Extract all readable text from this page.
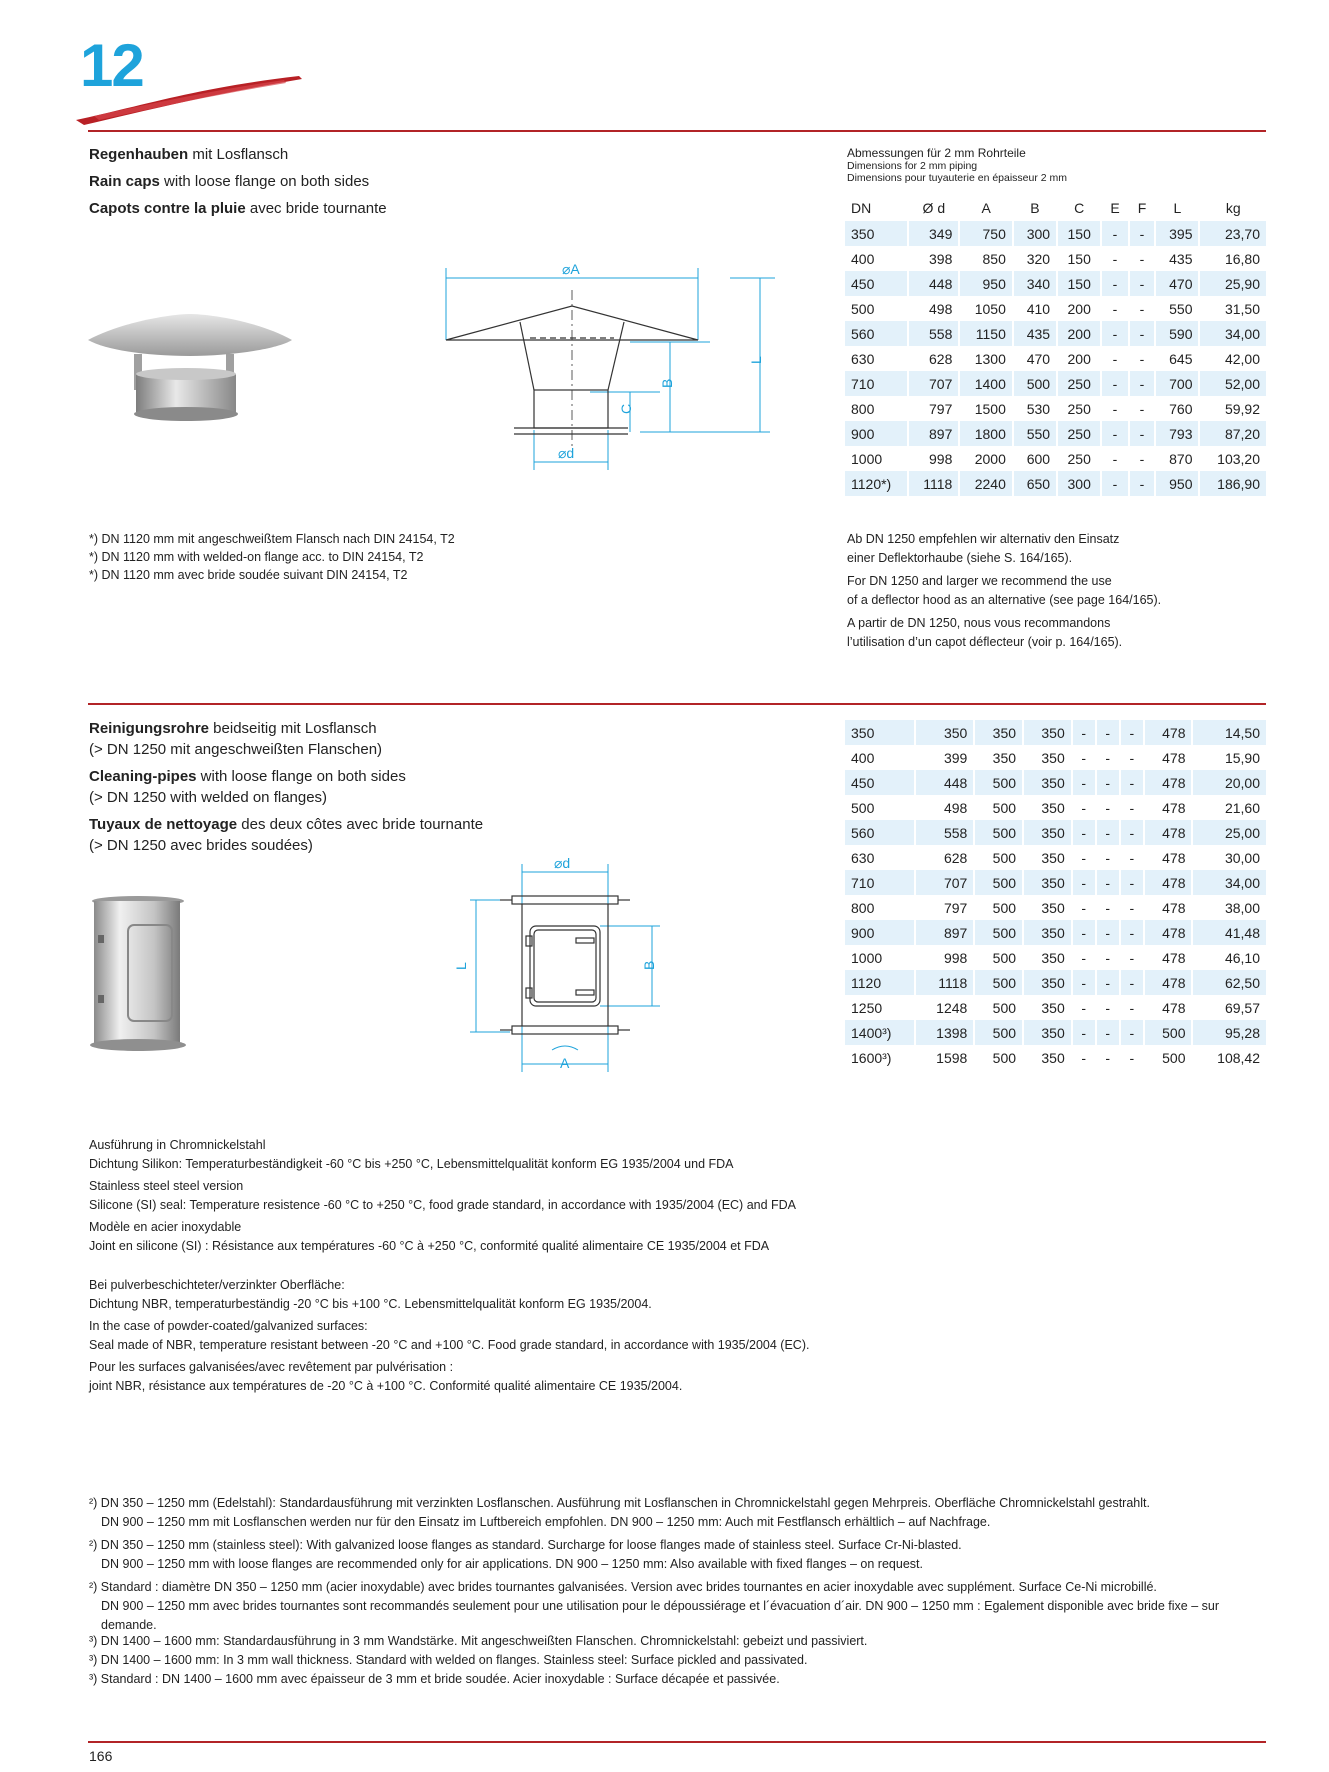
12
Regenhauben mit Losflansch
Rain caps with loose flange on both sides
Capots contre la pluie avec bride tournante
⌀A
⌀d
B
C
L
Abmessungen für 2 mm Rohrteile
Dimensions for 2 mm piping
Dimensions pour tuyauterie en épaisseur 2 mm
DN	Ø d	A	B	C	E	F	L	kg
350	349	750	300	150	-	-	395	23,70
400	398	850	320	150	-	-	435	16,80
450	448	950	340	150	-	-	470	25,90
500	498	1050	410	200	-	-	550	31,50
560	558	1150	435	200	-	-	590	34,00
630	628	1300	470	200	-	-	645	42,00
710	707	1400	500	250	-	-	700	52,00
800	797	1500	530	250	-	-	760	59,92
900	897	1800	550	250	-	-	793	87,20
1000	998	2000	600	250	-	-	870	103,20
1120*)	1118	2240	650	300	-	-	950	186,90

*) DN 1120 mm mit angeschweißtem Flansch nach DIN 24154, T2

*) DN 1120 mm with welded-on flange acc. to DIN 24154, T2

*) DN 1120 mm avec bride soudée suivant DIN 24154, T2

Ab DN 1250 empfehlen wir alternativ den Einsatz

einer Deflektorhaube (siehe S. 164/165).

For DN 1250 and larger we recommend the use

of a deflector hood as an alternative (see page 164/165).

A partir de DN 1250, nous vous recommandons

l’utilisation d’un capot déflecteur (voir p. 164/165).

Reinigungsrohre beidseitig mit Losflansch
(> DN 1250 mit angeschweißten Flanschen)
Cleaning-pipes with loose flange on both sides
(> DN 1250 with welded on flanges)
Tuyaux de nettoyage des deux côtes avec bride tournante
(> DN 1250 avec brides soudées)
⌀d
L	B
A
350	350	350	350	-	-	-	478	14,50
400	399	350	350	-	-	-	478	15,90
450	448	500	350	-	-	-	478	20,00
500	498	500	350	-	-	-	478	21,60
560	558	500	350	-	-	-	478	25,00
630	628	500	350	-	-	-	478	30,00
710	707	500	350	-	-	-	478	34,00
800	797	500	350	-	-	-	478	38,00
900	897	500	350	-	-	-	478	41,48
1000	998	500	350	-	-	-	478	46,10
1120	1118	500	350	-	-	-	478	62,50
1250	1248	500	350	-	-	-	478	69,57
1400³)	1398	500	350	-	-	-	500	95,28
1600³)	1598	500	350	-	-	-	500	108,42

Ausführung in Chromnickelstahl

Dichtung Silikon: Temperaturbeständigkeit -60 °C bis +250 °C, Lebensmittelqualität konform EG 1935/2004 und FDA

Stainless steel steel version

Silicone (SI) seal: Temperature resistence -60 °C to +250 °C, food grade standard, in accordance with 1935/2004 (EC) and FDA

Modèle en acier inoxydable

Joint en silicone (SI) : Résistance aux températures -60 °C à +250 °C, conformité qualité alimentaire CE 1935/2004 et FDA

Bei pulverbeschichteter/verzinkter Oberfläche:

Dichtung NBR, temperaturbeständig -20 °C bis +100 °C. Lebensmittelqualität konform EG 1935/2004.

In the case of powder-coated/galvanized surfaces:

Seal made of NBR, temperature resistant between -20 °C and +100 °C. Food grade standard, in accordance with 1935/2004 (EC).

Pour les surfaces galvanisées/avec revêtement par pulvérisation :

joint NBR, résistance aux températures de -20 °C à +100 °C. Conformité qualité alimentaire CE 1935/2004.

²) DN 350 – 1250 mm (Edelstahl): Standardausführung mit verzinkten Losflanschen. Ausführung mit Losflanschen in Chromnickelstahl gegen Mehrpreis. Oberfläche Chromnickelstahl gestrahlt.

DN 900 – 1250 mm mit Losflanschen werden nur für den Einsatz im Luftbereich empfohlen. DN 900 – 1250 mm: Auch mit Festflansch erhältlich – auf Nachfrage.

²) DN 350 – 1250 mm (stainless steel): With galvanized loose flanges as standard. Surcharge for loose flanges made of stainless steel. Surface Cr-Ni-blasted.

DN 900 – 1250 mm with loose flanges are recommended only for air applications. DN 900 – 1250 mm: Also available with fixed flanges – on request.

²) Standard : diamètre DN 350 – 1250 mm (acier inoxydable) avec brides tournantes galvanisées. Version avec brides tournantes en acier inoxydable avec supplément. Surface Ce-Ni microbillé.

DN 900 – 1250 mm avec brides tournantes sont recommandés seulement pour une utilisation pour le dépoussiérage et l´évacuation d´air. DN 900 – 1250 mm : Egalement disponible avec bride fixe – sur demande.

³) DN 1400 – 1600 mm: Standardausführung in 3 mm Wandstärke. Mit angeschweißten Flanschen. Chromnickelstahl: gebeizt und passiviert.

³) DN 1400 – 1600 mm: In 3 mm wall thickness. Standard with welded on flanges. Stainless steel: Surface pickled and passivated.

³) Standard : DN 1400 – 1600 mm avec épaisseur de 3 mm et bride soudée. Acier inoxydable : Surface décapée et passivée.

166
